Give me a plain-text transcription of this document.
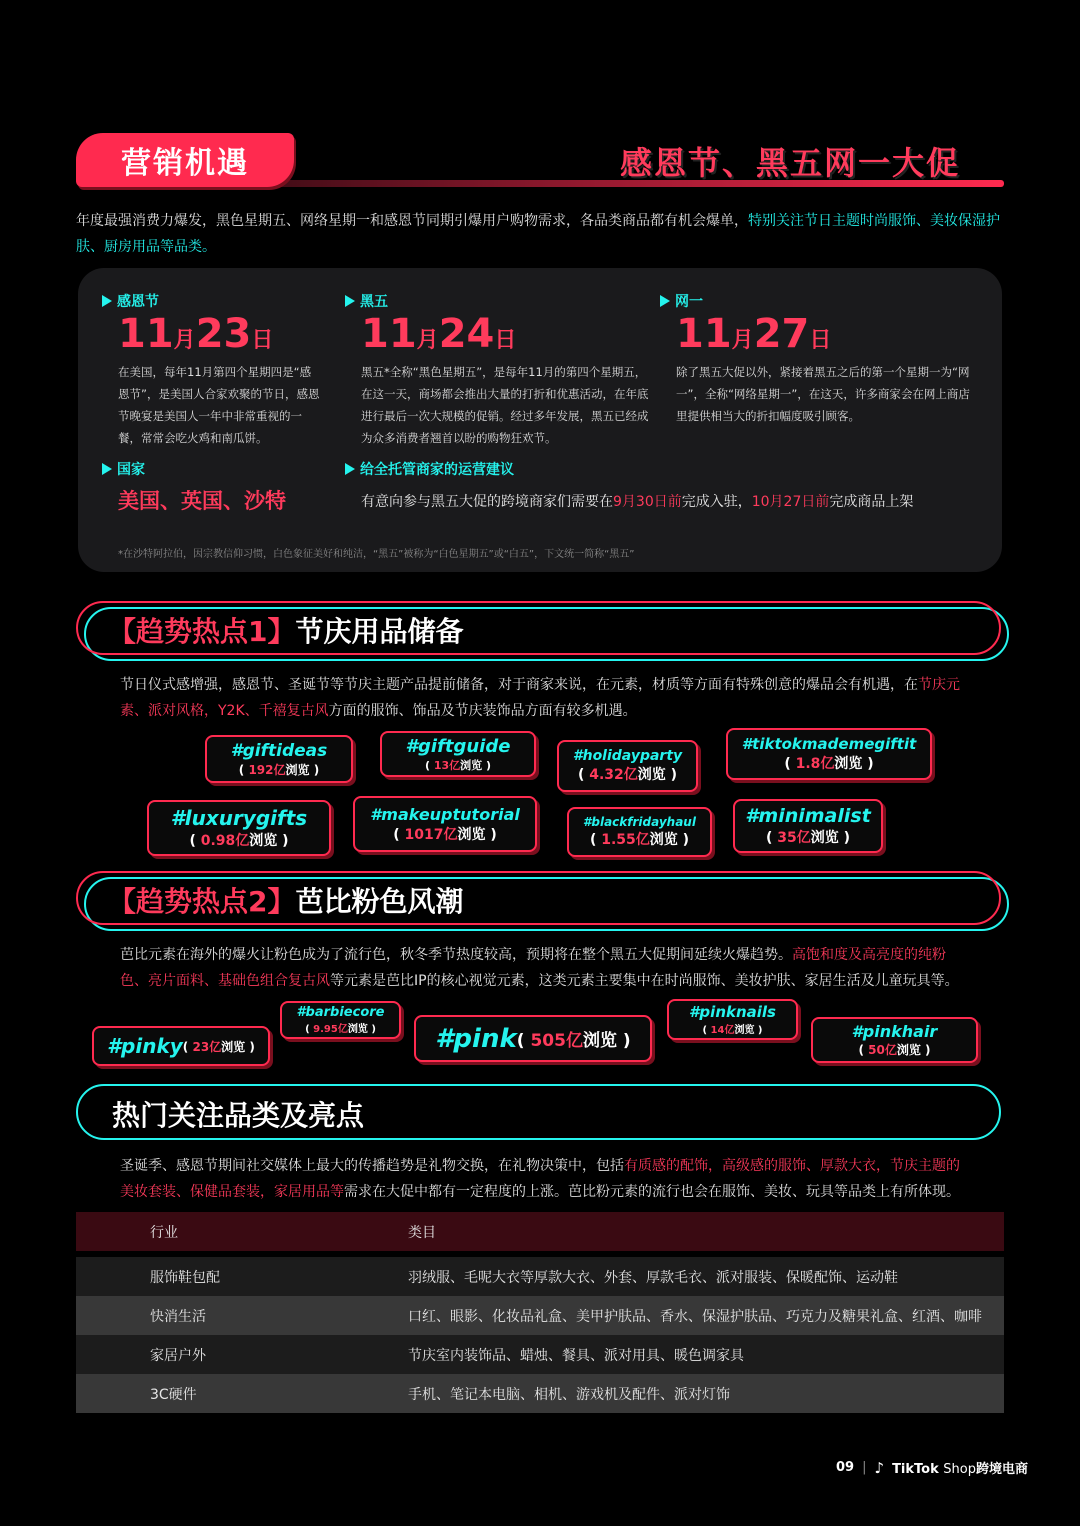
营销机遇	感恩节、黑五网一大促
年度最强消费力爆发，黑色星期五、网络星期一和感恩节同期引爆用户购物需求，各品类商品都有机会爆单，特别关注节日主题时尚服饰、美妆保湿护肤、厨房用品等品类。
感恩节
11月23日
在美国，每年11月第四个星期四是“感恩节”，是美国人合家欢聚的节日，感恩节晚宴是美国人一年中非常重视的一餐，常常会吃火鸡和南瓜饼。
黑五
11月24日
黑五*全称“黑色星期五”，是每年11月的第四个星期五，在这一天，商场都会推出大量的打折和优惠活动，在年底进行最后一次大规模的促销。经过多年发展，黑五已经成为众多消费者翘首以盼的购物狂欢节。
网一
11月27日
除了黑五大促以外，紧接着黑五之后的第一个星期一为“网一”，全称“网络星期一”，在这天，许多商家会在网上商店里提供相当大的折扣幅度吸引顾客。
国家
美国、英国、沙特
给全托管商家的运营建议
有意向参与黑五大促的跨境商家们需要在9月30日前完成入驻，10月27日前完成商品上架
*在沙特阿拉伯，因宗教信仰习惯，白色象征美好和纯洁，“黑五”被称为“白色星期五”或“白五”，下文统一简称“黑五”
【趋势热点1】节庆用品储备
节日仪式感增强，感恩节、圣诞节等节庆主题产品提前储备，对于商家来说，在元素，材质等方面有特殊创意的爆品会有机遇，在节庆元素、派对风格，Y2K、千禧复古风方面的服饰、饰品及节庆装饰品方面有较多机遇。
#giftideas
( 192亿浏览 )
#giftguide
( 13亿浏览 )
#holidayparty
( 4.32亿浏览 )
#tiktokmademegiftit
( 1.8亿浏览 )
#luxurygifts
( 0.98亿浏览 )
#makeuptutorial
( 1017亿浏览 )
#blackfridayhaul
( 1.55亿浏览 )
#minimalist
( 35亿浏览 )
【趋势热点2】芭比粉色风潮
芭比元素在海外的爆火让粉色成为了流行色，秋冬季节热度较高，预期将在整个黑五大促期间延续火爆趋势。高饱和度及高亮度的纯粉色、亮片面料、基础色组合复古风等元素是芭比IP的核心视觉元素，这类元素主要集中在时尚服饰、美妆护肤、家居生活及儿童玩具等。
#pinky ( 23亿浏览 )
#barbiecore
( 9.95亿浏览 ) #pink ( 505亿浏览 )
#pinknails
( 14亿浏览 )	#pinkhair
( 50亿浏览 )
热门关注品类及亮点
圣诞季、感恩节期间社交媒体上最大的传播趋势是礼物交换，在礼物决策中，包括有质感的配饰，高级感的服饰、厚款大衣，节庆主题的美妆套装、保健品套装，家居用品等需求在大促中都有一定程度的上涨。芭比粉元素的流行也会在服饰、美妆、玩具等品类上有所体现。
行业	类目
服饰鞋包配	羽绒服、毛呢大衣等厚款大衣、外套、厚款毛衣、派对服装、保暖配饰、运动鞋
快消生活	口红、眼影、化妆品礼盒、美甲护肤品、香水、保湿护肤品、巧克力及糖果礼盒、红酒、咖啡
家居户外	节庆室内装饰品、蜡烛、餐具、派对用具、暖色调家具
3C硬件	手机、笔记本电脑、相机、游戏机及配件、派对灯饰
09 | ♪ TikTok Shop跨境电商
